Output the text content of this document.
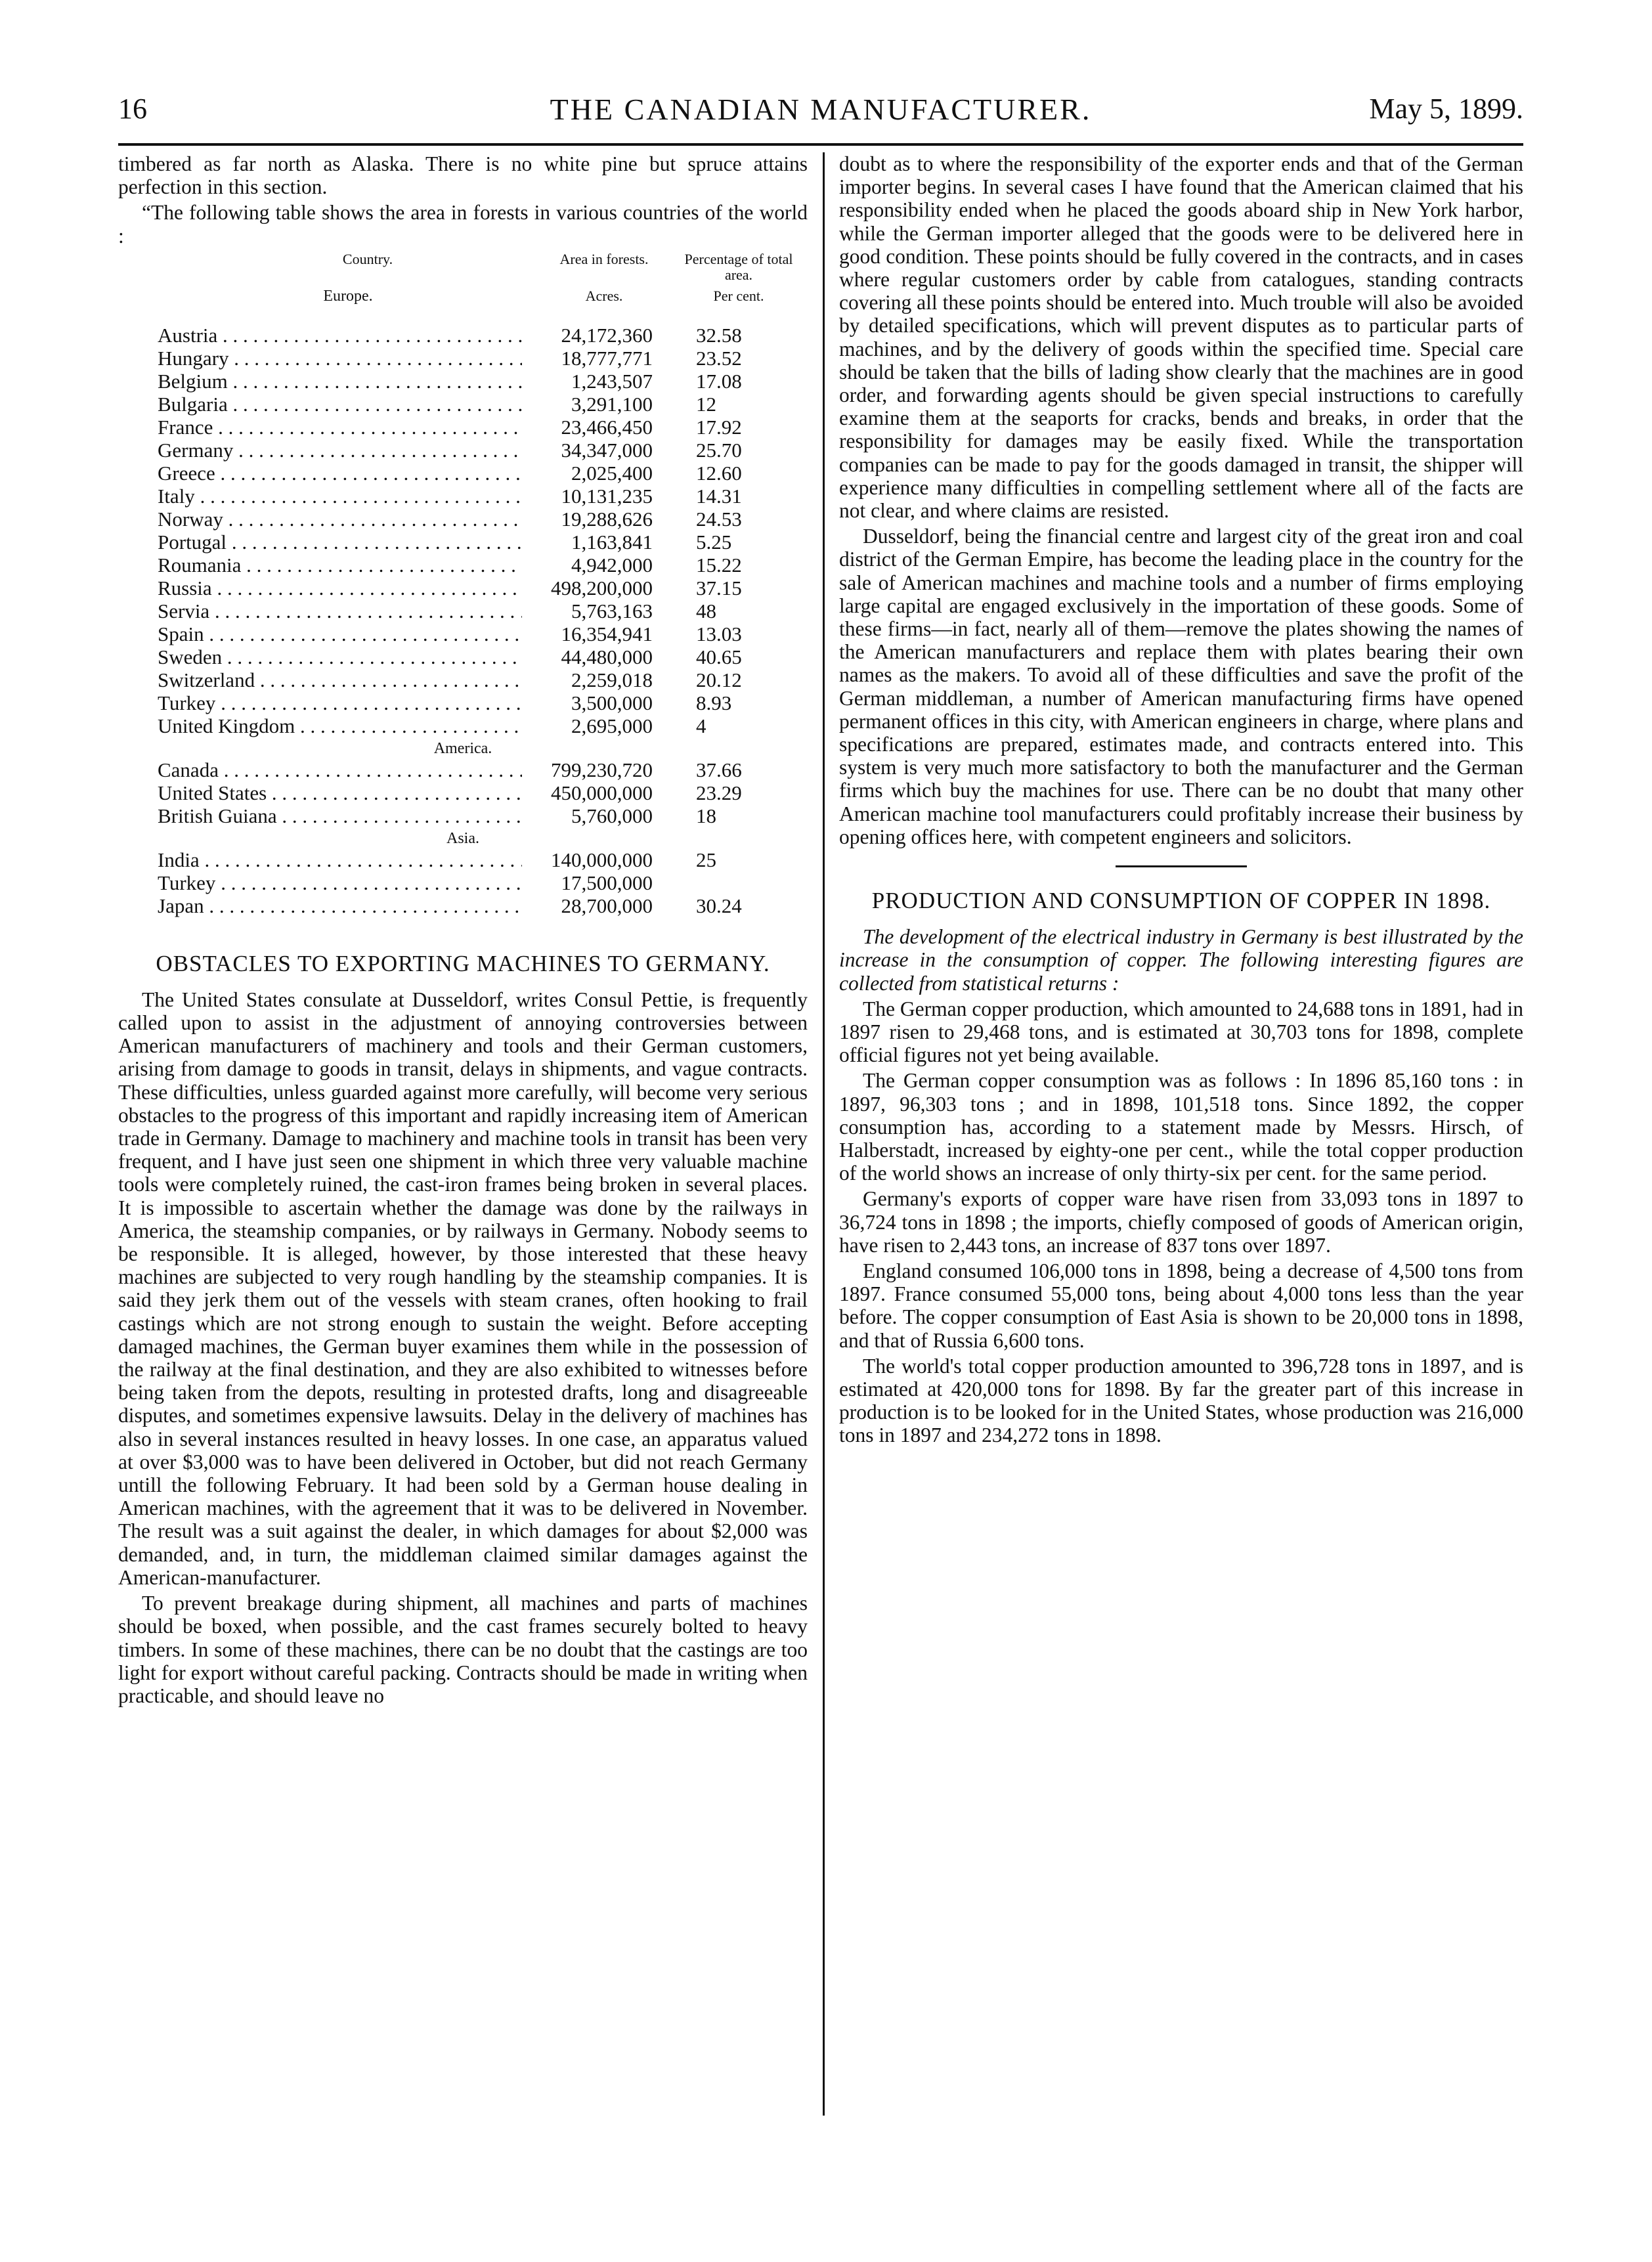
16	THE CANADIAN MANUFACTURER.	May 5, 1899.

timbered as far north as Alaska. There is no white pine but spruce attains perfection in this section.

“The following table shows the area in forests in various countries of the world :

Country.	Area in forests.	Percentage of total area.
Europe.	Acres.	Per cent.
Austria . . .	24,172,360 32.58
Hungary . . .	18,777,771 23.52
Belgium . . .	1,243,507 17.08
Bulgaria . . .	3,291,100 12
France . . .	23,466,450 17.92
Germany . . .	34,347,000 25.70
Greece . . .	2,025,400 12.60
Italy . . .	10,131,235 14.31
Norway . . .	19,288,626 24.53
Portugal . . .	1,163,841 5.25
Roumania . . .	4,942,000 15.22
Russia . . .	498,200,000 37.15
Servia . . .	5,763,163 48
Spain . . .	16,354,941 13.03
Sweden . . .	44,480,000 40.65
Switzerland . . .	2,259,018 20.12
Turkey . . .	3,500,000 8.93
United Kingdom . . .	2,695,000 4
America.
Canada . . .	799,230,720 37.66
United States . . .	450,000,000 23.29
British Guiana . . .	5,760,000 18
Asia.
India . . .	140,000,000 25
Turkey . . .	17,500,000
Japan . . .	28,700,000 30.24
OBSTACLES TO EXPORTING MACHINES TO GERMANY.

The United States consulate at Dusseldorf, writes Consul Pettie, is frequently called upon to assist in the adjustment of annoying controversies between American manufacturers of machinery and tools and their German customers, arising from damage to goods in transit, delays in shipments, and vague contracts. These difficulties, unless guarded against more carefully, will become very serious obstacles to the progress of this important and rapidly increasing item of American trade in Germany. Damage to machinery and machine tools in transit has been very frequent, and I have just seen one shipment in which three very valuable machine tools were completely ruined, the cast-iron frames being broken in several places. It is impossible to ascertain whether the damage was done by the railways in America, the steamship companies, or by railways in Germany. Nobody seems to be responsible. It is alleged, however, by those interested that these heavy machines are subjected to very rough handling by the steamship companies. It is said they jerk them out of the vessels with steam cranes, often hooking to frail castings which are not strong enough to sustain the weight. Before accepting damaged machines, the German buyer examines them while in the possession of the railway at the final destination, and they are also exhibited to witnesses before being taken from the depots, resulting in protested drafts, long and disagreeable disputes, and sometimes expensive lawsuits. Delay in the delivery of machines has also in several instances resulted in heavy losses. In one case, an apparatus valued at over $3,000 was to have been delivered in October, but did not reach Germany untill the following February. It had been sold by a German house dealing in American machines, with the agreement that it was to be delivered in November. The result was a suit against the dealer, in which damages for about $2,000 was demanded, and, in turn, the middleman claimed similar damages against the American-manufacturer.

To prevent breakage during shipment, all machines and parts of machines should be boxed, when possible, and the cast frames securely bolted to heavy timbers. In some of these machines, there can be no doubt that the castings are too light for export without careful packing. Contracts should be made in writing when practicable, and should leave no

doubt as to where the responsibility of the exporter ends and that of the German importer begins. In several cases I have found that the American claimed that his responsibility ended when he placed the goods aboard ship in New York harbor, while the German importer alleged that the goods were to be delivered here in good condition. These points should be fully covered in the contracts, and in cases where regular customers order by cable from catalogues, standing contracts covering all these points should be entered into. Much trouble will also be avoided by detailed specifications, which will prevent disputes as to particular parts of machines, and by the delivery of goods within the specified time. Special care should be taken that the bills of lading show clearly that the machines are in good order, and forwarding agents should be given special instructions to carefully examine them at the seaports for cracks, bends and breaks, in order that the responsibility for damages may be easily fixed. While the transportation companies can be made to pay for the goods damaged in transit, the shipper will experience many difficulties in compelling settlement where all of the facts are not clear, and where claims are resisted.

Dusseldorf, being the financial centre and largest city of the great iron and coal district of the German Empire, has become the leading place in the country for the sale of American machines and machine tools and a number of firms employing large capital are engaged exclusively in the importation of these goods. Some of these firms—in fact, nearly all of them—remove the plates showing the names of the American manufacturers and replace them with plates bearing their own names as the makers. To avoid all of these difficulties and save the profit of the German middleman, a number of American manufacturing firms have opened permanent offices in this city, with American engineers in charge, where plans and specifications are prepared, estimates made, and contracts entered into. This system is very much more satisfactory to both the manufacturer and the German firms which buy the machines for use. There can be no doubt that many other American machine tool manufacturers could profitably increase their business by opening offices here, with competent engineers and solicitors.

PRODUCTION AND CONSUMPTION OF COPPER IN 1898.

The development of the electrical industry in Germany is best illustrated by the increase in the consumption of copper. The following interesting figures are collected from statistical returns :

The German copper production, which amounted to 24,688 tons in 1891, had in 1897 risen to 29,468 tons, and is estimated at 30,703 tons for 1898, complete official figures not yet being available.

The German copper consumption was as follows : In 1896 85,160 tons : in 1897, 96,303 tons ; and in 1898, 101,518 tons. Since 1892, the copper consumption has, according to a statement made by Messrs. Hirsch, of Halberstadt, increased by eighty-one per cent., while the total copper production of the world shows an increase of only thirty-six per cent. for the same period.

Germany's exports of copper ware have risen from 33,093 tons in 1897 to 36,724 tons in 1898 ; the imports, chiefly composed of goods of American origin, have risen to 2,443 tons, an increase of 837 tons over 1897.

England consumed 106,000 tons in 1898, being a decrease of 4,500 tons from 1897. France consumed 55,000 tons, being about 4,000 tons less than the year before. The copper consumption of East Asia is shown to be 20,000 tons in 1898, and that of Russia 6,600 tons.

The world's total copper production amounted to 396,728 tons in 1897, and is estimated at 420,000 tons for 1898. By far the greater part of this increase in production is to be looked for in the United States, whose production was 216,000 tons in 1897 and 234,272 tons in 1898.
